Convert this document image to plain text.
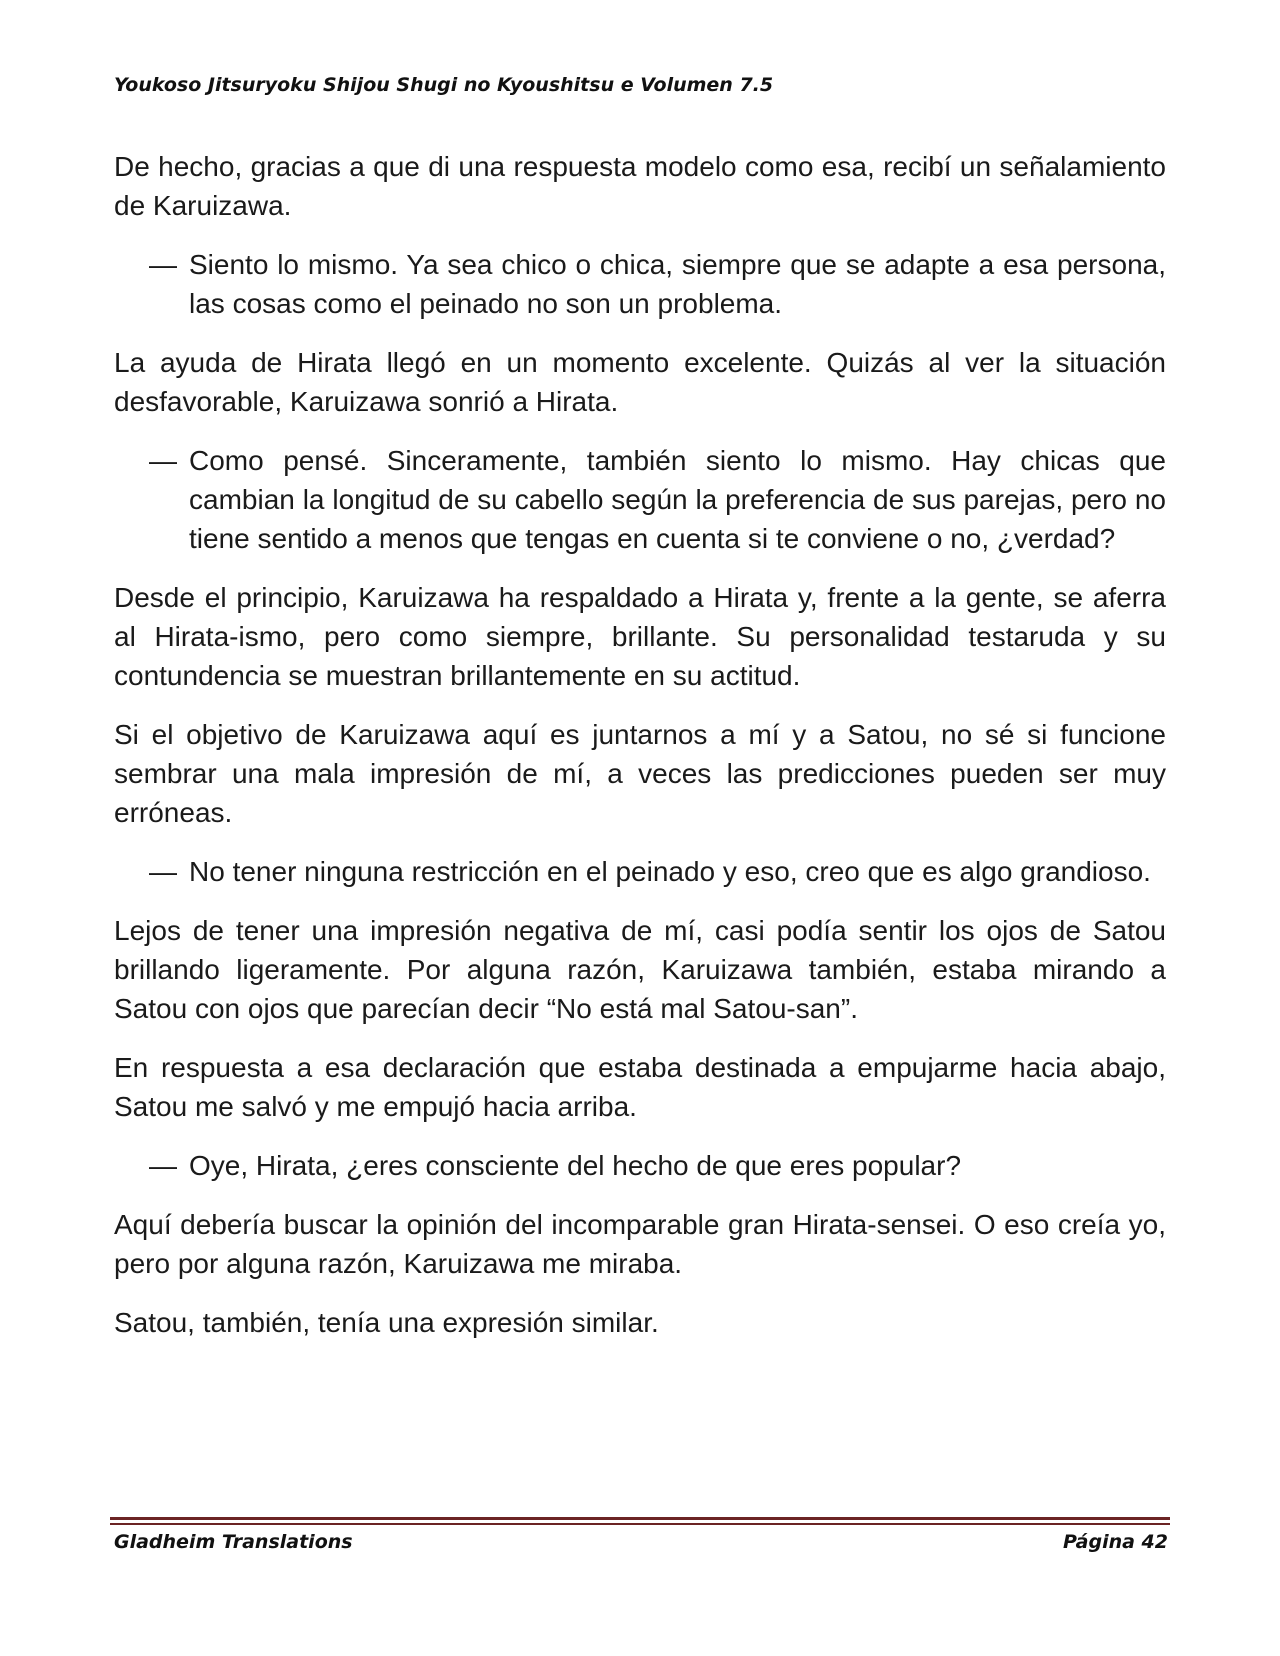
Youkoso Jitsuryoku Shijou Shugi no Kyoushitsu e Volumen 7.5

De hecho, gracias a que di una respuesta modelo como esa, recibí un señalamiento de Karuizawa.

— Siento lo mismo. Ya sea chico o chica, siempre que se adapte a esa persona, las cosas como el peinado no son un problema.

La ayuda de Hirata llegó en un momento excelente. Quizás al ver la situación desfavorable, Karuizawa sonrió a Hirata.

— Como pensé. Sinceramente, también siento lo mismo. Hay chicas que cambian la longitud de su cabello según la preferencia de sus parejas, pero no tiene sentido a menos que tengas en cuenta si te conviene o no, ¿verdad?

Desde el principio, Karuizawa ha respaldado a Hirata y, frente a la gente, se aferra al Hirata-ismo, pero como siempre, brillante. Su personalidad testaruda y su contundencia se muestran brillantemente en su actitud.

Si el objetivo de Karuizawa aquí es juntarnos a mí y a Satou, no sé si funcione sembrar una mala impresión de mí, a veces las predicciones pueden ser muy erróneas.

— No tener ninguna restricción en el peinado y eso, creo que es algo grandioso.

Lejos de tener una impresión negativa de mí, casi podía sentir los ojos de Satou brillando ligeramente. Por alguna razón, Karuizawa también, estaba mirando a Satou con ojos que parecían decir “No está mal Satou-san”.

En respuesta a esa declaración que estaba destinada a empujarme hacia abajo, Satou me salvó y me empujó hacia arriba.

— Oye, Hirata, ¿eres consciente del hecho de que eres popular?

Aquí debería buscar la opinión del incomparable gran Hirata-sensei. O eso creía yo, pero por alguna razón, Karuizawa me miraba.

Satou, también, tenía una expresión similar.

Gladheim Translations	Página 42
